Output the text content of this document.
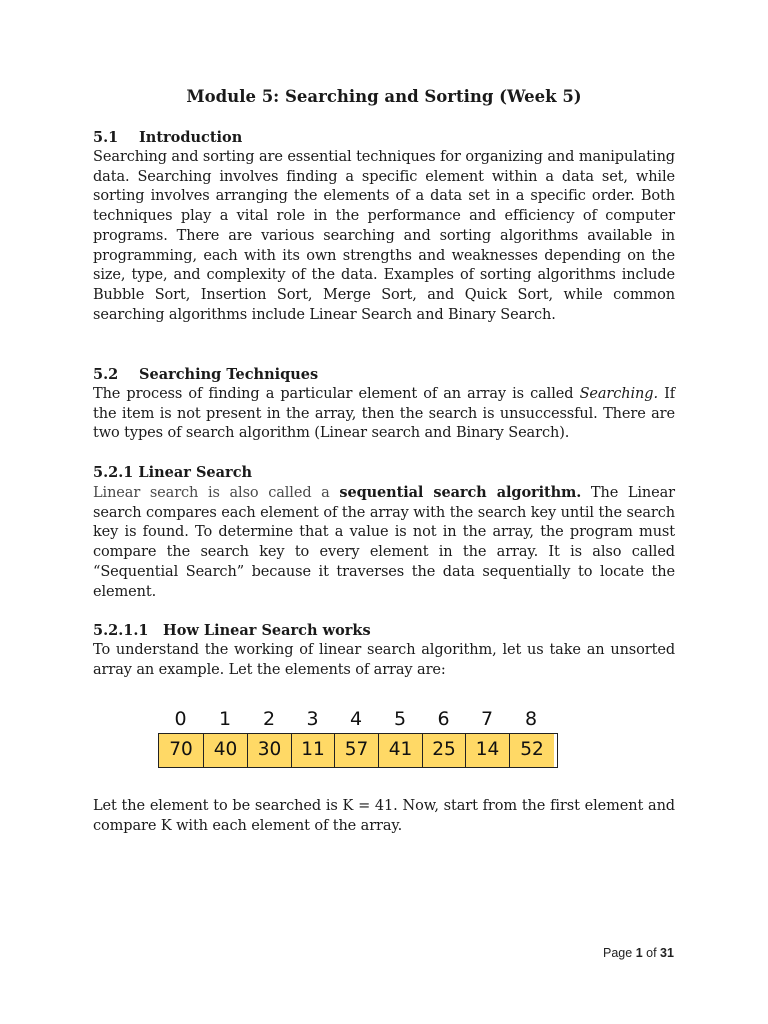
Module 5: Searching and Sorting (Week 5)
5.1 Introduction

Searching and sorting are essential techniques for organizing and manipulating data. Searching involves finding a specific element within a data set, while sorting involves arranging the elements of a data set in a specific order. Both techniques play a vital role in the performance and efficiency of computer programs. There are various searching and sorting algorithms available in programming, each with its own strengths and weaknesses depending on the size, type, and complexity of the data. Examples of sorting algorithms include Bubble Sort, Insertion Sort, Merge Sort, and Quick Sort, while common searching algorithms include Linear Search and Binary Search.

5.2 Searching Techniques

The process of finding a particular element of an array is called Searching. If the item is not present in the array, then the search is unsuccessful. There are two types of search algorithm (Linear search and Binary Search).

5.2.1 Linear Search

Linear search is also called a sequential search algorithm. The Linear search compares each element of the array with the search key until the search key is found. To determine that a value is not in the array, the program must compare the search key to every element in the array. It is also called “Sequential Search” because it traverses the data sequentially to locate the element.

5.2.1.1 How Linear Search works

To understand the working of linear search algorithm, let us take an unsorted array an example. Let the elements of array are:

0	1	2	3	4	5	6	7	8
70	40	30	11	57	41	25	14	52

Let the element to be searched is K = 41. Now, start from the first element and compare K with each element of the array.

Page 1 of 31
